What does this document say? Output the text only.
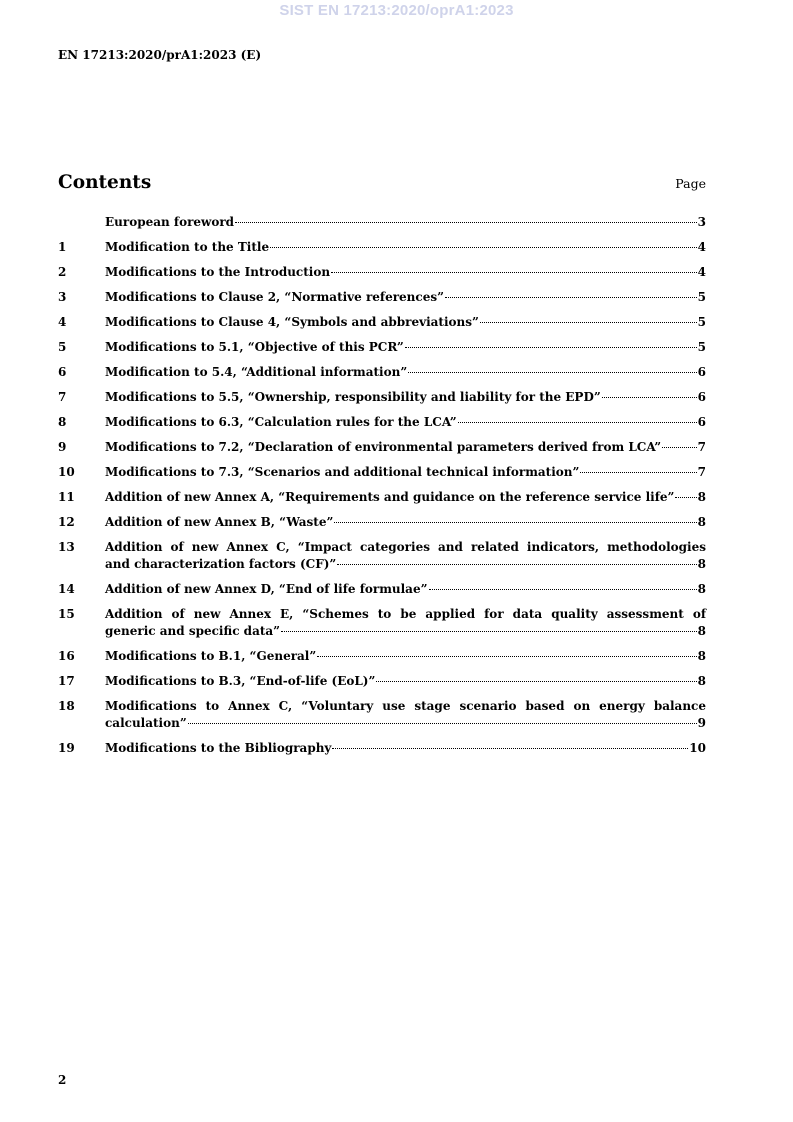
SIST EN 17213:2020/oprA1:2023
EN 17213:2020/prA1:2023 (E)
Contents	Page
European foreword	3
1	Modification to the Title	4
2	Modifications to the Introduction	4
3	Modifications to Clause 2, “Normative references”	5
4	Modifications to Clause 4, “Symbols and abbreviations”	5
5	Modifications to 5.1, “Objective of this PCR”	5
6	Modification to 5.4, “Additional information”	6
7	Modifications to 5.5, “Ownership, responsibility and liability for the EPD”	6
8	Modifications to 6.3, “Calculation rules for the LCA”	6
9	Modifications to 7.2, “Declaration of environmental parameters derived from LCA”	7
10	Modifications to 7.3, “Scenarios and additional technical information”	7
11	Addition of new Annex A, “Requirements and guidance on the reference service life” 8
12	Addition of new Annex B, “Waste”	8
13	Addition of new Annex C, “Impact categories and related indicators, methodologies
and characterization factors (CF)”	8
14	Addition of new Annex D, “End of life formulae”	8
15	Addition of new Annex E, “Schemes to be applied for data quality assessment of
generic and specific data”	8
16	Modifications to B.1, “General”	8
17	Modifications to B.3, “End-of-life (EoL)”	8
18	Modifications to Annex C, “Voluntary use stage scenario based on energy balance
calculation”	9
19	Modifications to the Bibliography	10
2
